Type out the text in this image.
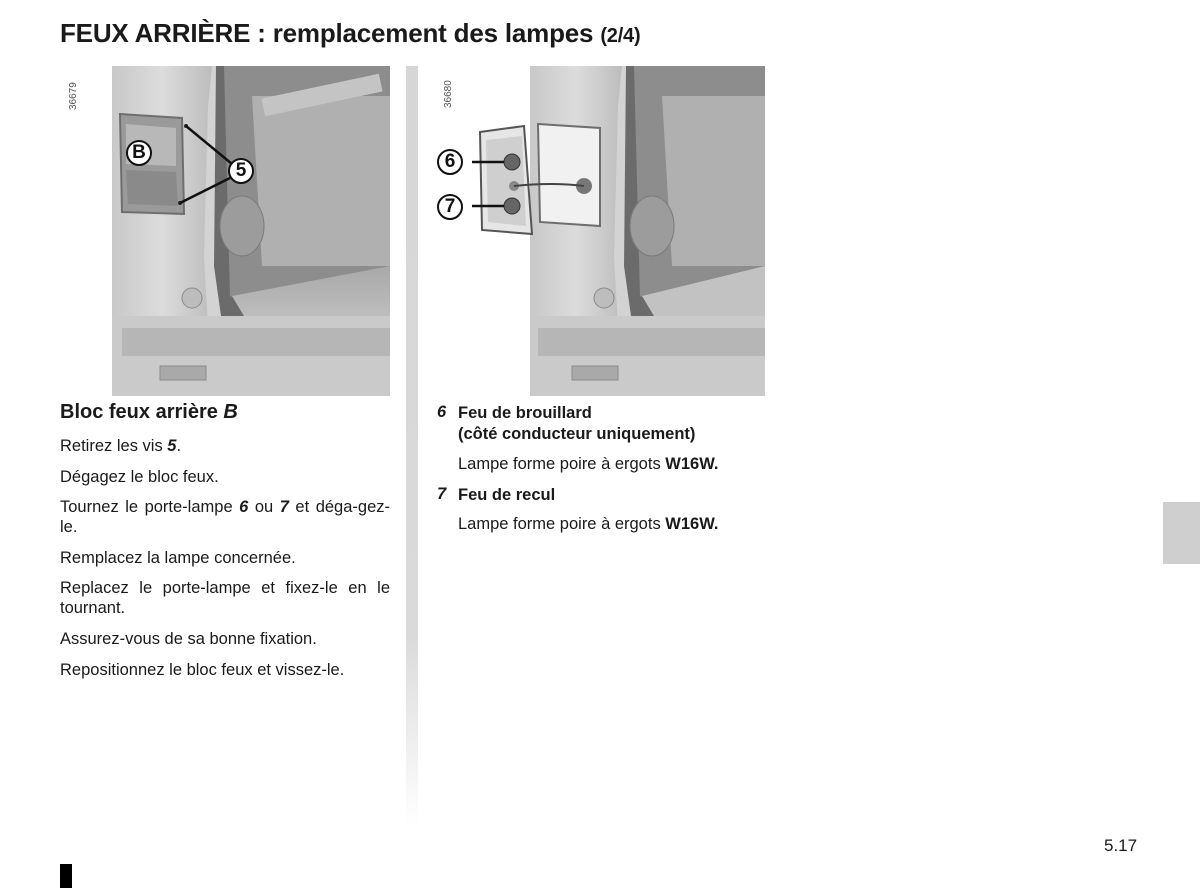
FEUX ARRIÈRE : remplacement des lampes (2/4)
36679
B
5
36680
6
7
Bloc feux arrière B
Retirez les vis 5.
Dégagez le bloc feux.
Tournez le porte-lampe 6 ou 7 et déga-gez-le.
Remplacez la lampe concernée.
Replacez le porte-lampe et fixez-le en le tournant.
Assurez-vous de sa bonne fixation.
Repositionnez le bloc feux et vissez-le.
6 Feu de brouillard
(côté conducteur uniquement)
Lampe forme poire à ergots W16W.
7 Feu de recul
Lampe forme poire à ergots W16W.
5.17
